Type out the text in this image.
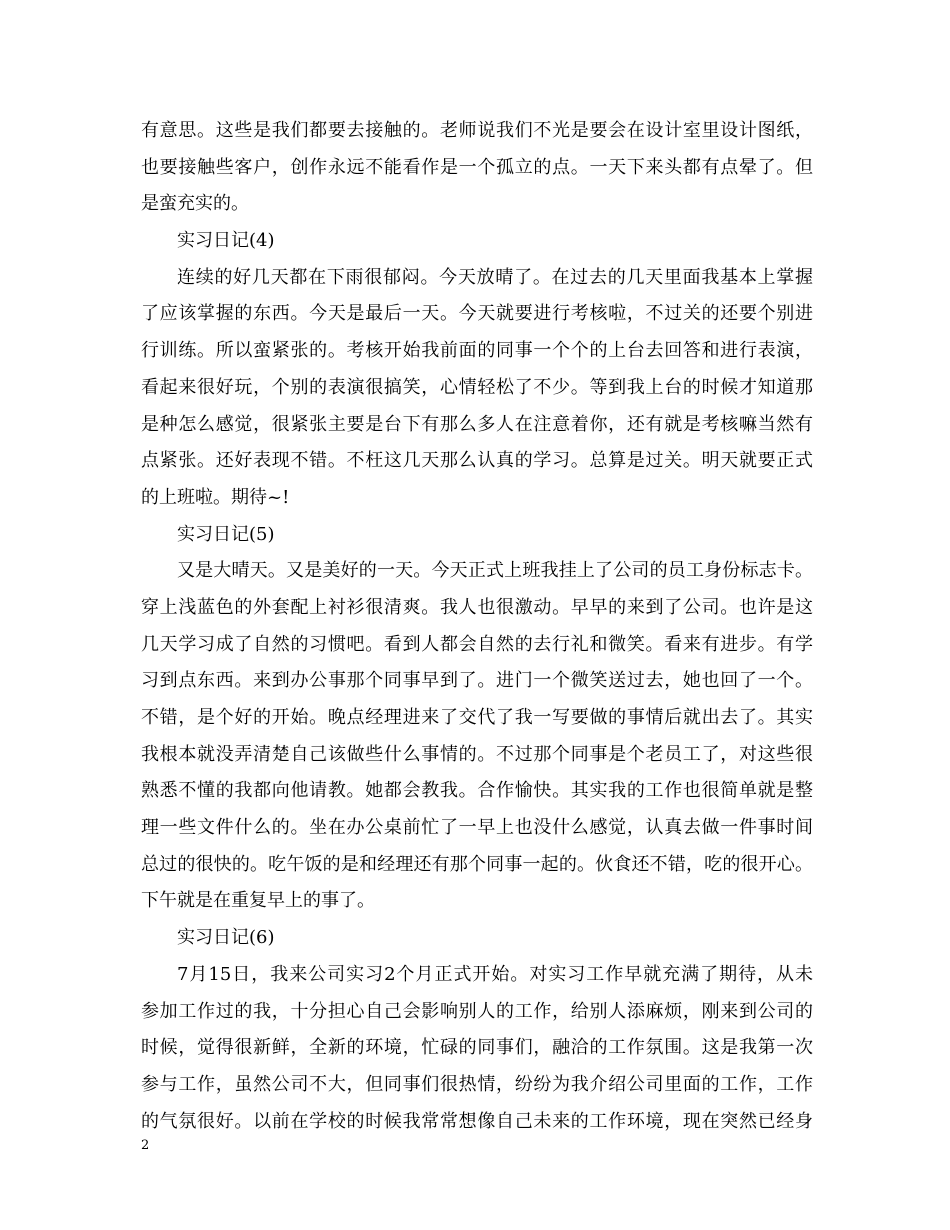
有意思。这些是我们都要去接触的。老师说我们不光是要会在设计室里设计图纸，
也要接触些客户，创作永远不能看作是一个孤立的点。一天下来头都有点晕了。但
是蛮充实的。
实习日记(4)
连续的好几天都在下雨很郁闷。今天放晴了。在过去的几天里面我基本上掌握
了应该掌握的东西。今天是最后一天。今天就要进行考核啦，不过关的还要个别进
行训练。所以蛮紧张的。考核开始我前面的同事一个个的上台去回答和进行表演，
看起来很好玩，个别的表演很搞笑，心情轻松了不少。等到我上台的时候才知道那
是种怎么感觉，很紧张主要是台下有那么多人在注意着你，还有就是考核嘛当然有
点紧张。还好表现不错。不枉这几天那么认真的学习。总算是过关。明天就要正式
的上班啦。期待~!
实习日记(5)
又是大晴天。又是美好的一天。今天正式上班我挂上了公司的员工身份标志卡。
穿上浅蓝色的外套配上衬衫很清爽。我人也很激动。早早的来到了公司。也许是这
几天学习成了自然的习惯吧。看到人都会自然的去行礼和微笑。看来有进步。有学
习到点东西。来到办公事那个同事早到了。进门一个微笑送过去，她也回了一个。
不错，是个好的开始。晚点经理进来了交代了我一写要做的事情后就出去了。其实
我根本就没弄清楚自己该做些什么事情的。不过那个同事是个老员工了，对这些很
熟悉不懂的我都向他请教。她都会教我。合作愉快。其实我的工作也很简单就是整
理一些文件什么的。坐在办公桌前忙了一早上也没什么感觉，认真去做一件事时间
总过的很快的。吃午饭的是和经理还有那个同事一起的。伙食还不错，吃的很开心。
下午就是在重复早上的事了。
实习日记(6)
7月15日，我来公司实习2个月正式开始。对实习工作早就充满了期待，从未
参加工作过的我，十分担心自己会影响别人的工作，给别人添麻烦，刚来到公司的
时候，觉得很新鲜，全新的环境，忙碌的同事们，融洽的工作氛围。这是我第一次
参与工作，虽然公司不大，但同事们很热情，纷纷为我介绍公司里面的工作，工作
的气氛很好。以前在学校的时候我常常想像自己未来的工作环境，现在突然已经身
2
